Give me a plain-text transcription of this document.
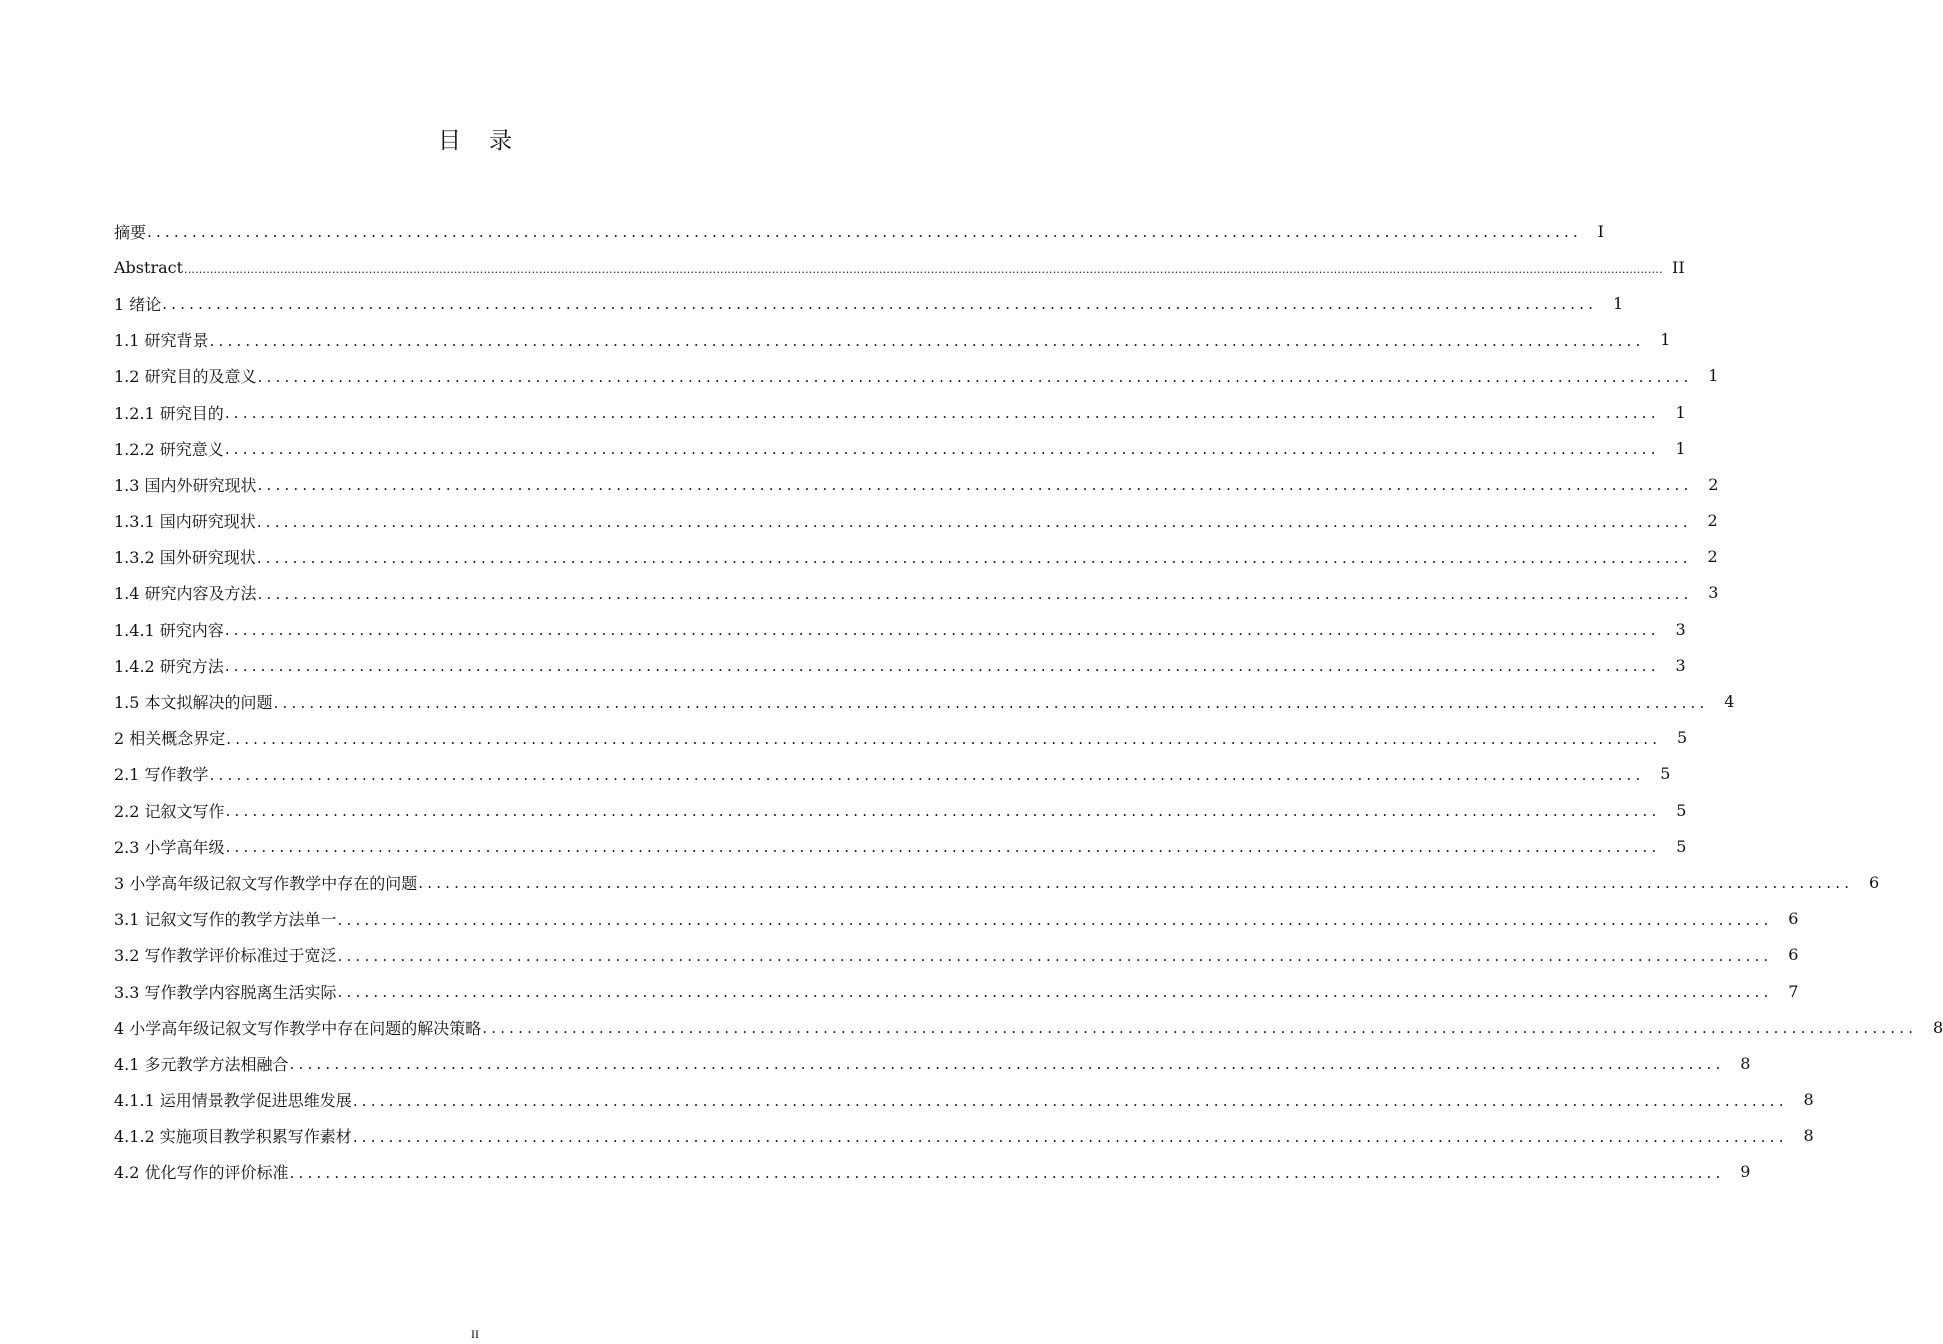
目 录
摘要 ................................................................................................................................................................ I
Abstract ................................................................................................................................................................................................................................................................................................................................................................................................................ II
1 绪论 ................................................................................................................................................................ 1
1.1 研究背景 ................................................................................................................................................................ 1
1.2 研究目的及意义 ................................................................................................................................................................ 1
1.2.1 研究目的 ................................................................................................................................................................ 1
1.2.2 研究意义 ................................................................................................................................................................ 1
1.3 国内外研究现状 ................................................................................................................................................................ 2
1.3.1 国内研究现状 ................................................................................................................................................................ 2
1.3.2 国外研究现状 ................................................................................................................................................................ 2
1.4 研究内容及方法 ................................................................................................................................................................ 3
1.4.1 研究内容 ................................................................................................................................................................ 3
1.4.2 研究方法 ................................................................................................................................................................ 3
1.5 本文拟解决的问题 ................................................................................................................................................................ 4
2 相关概念界定 ................................................................................................................................................................ 5
2.1 写作教学 ................................................................................................................................................................ 5
2.2 记叙文写作 ................................................................................................................................................................ 5
2.3 小学高年级 ................................................................................................................................................................ 5
3 小学高年级记叙文写作教学中存在的问题 ................................................................................................................................................................ 6
3.1 记叙文写作的教学方法单一 ................................................................................................................................................................ 6
3.2 写作教学评价标准过于宽泛 ................................................................................................................................................................ 6
3.3 写作教学内容脱离生活实际 ................................................................................................................................................................ 7
4 小学高年级记叙文写作教学中存在问题的解决策略 ................................................................................................................................................................ 8
4.1 多元教学方法相融合 ................................................................................................................................................................ 8
4.1.1 运用情景教学促进思维发展 ................................................................................................................................................................ 8
4.1.2 实施项目教学积累写作素材 ................................................................................................................................................................ 8
4.2 优化写作的评价标准 ................................................................................................................................................................ 9
II
